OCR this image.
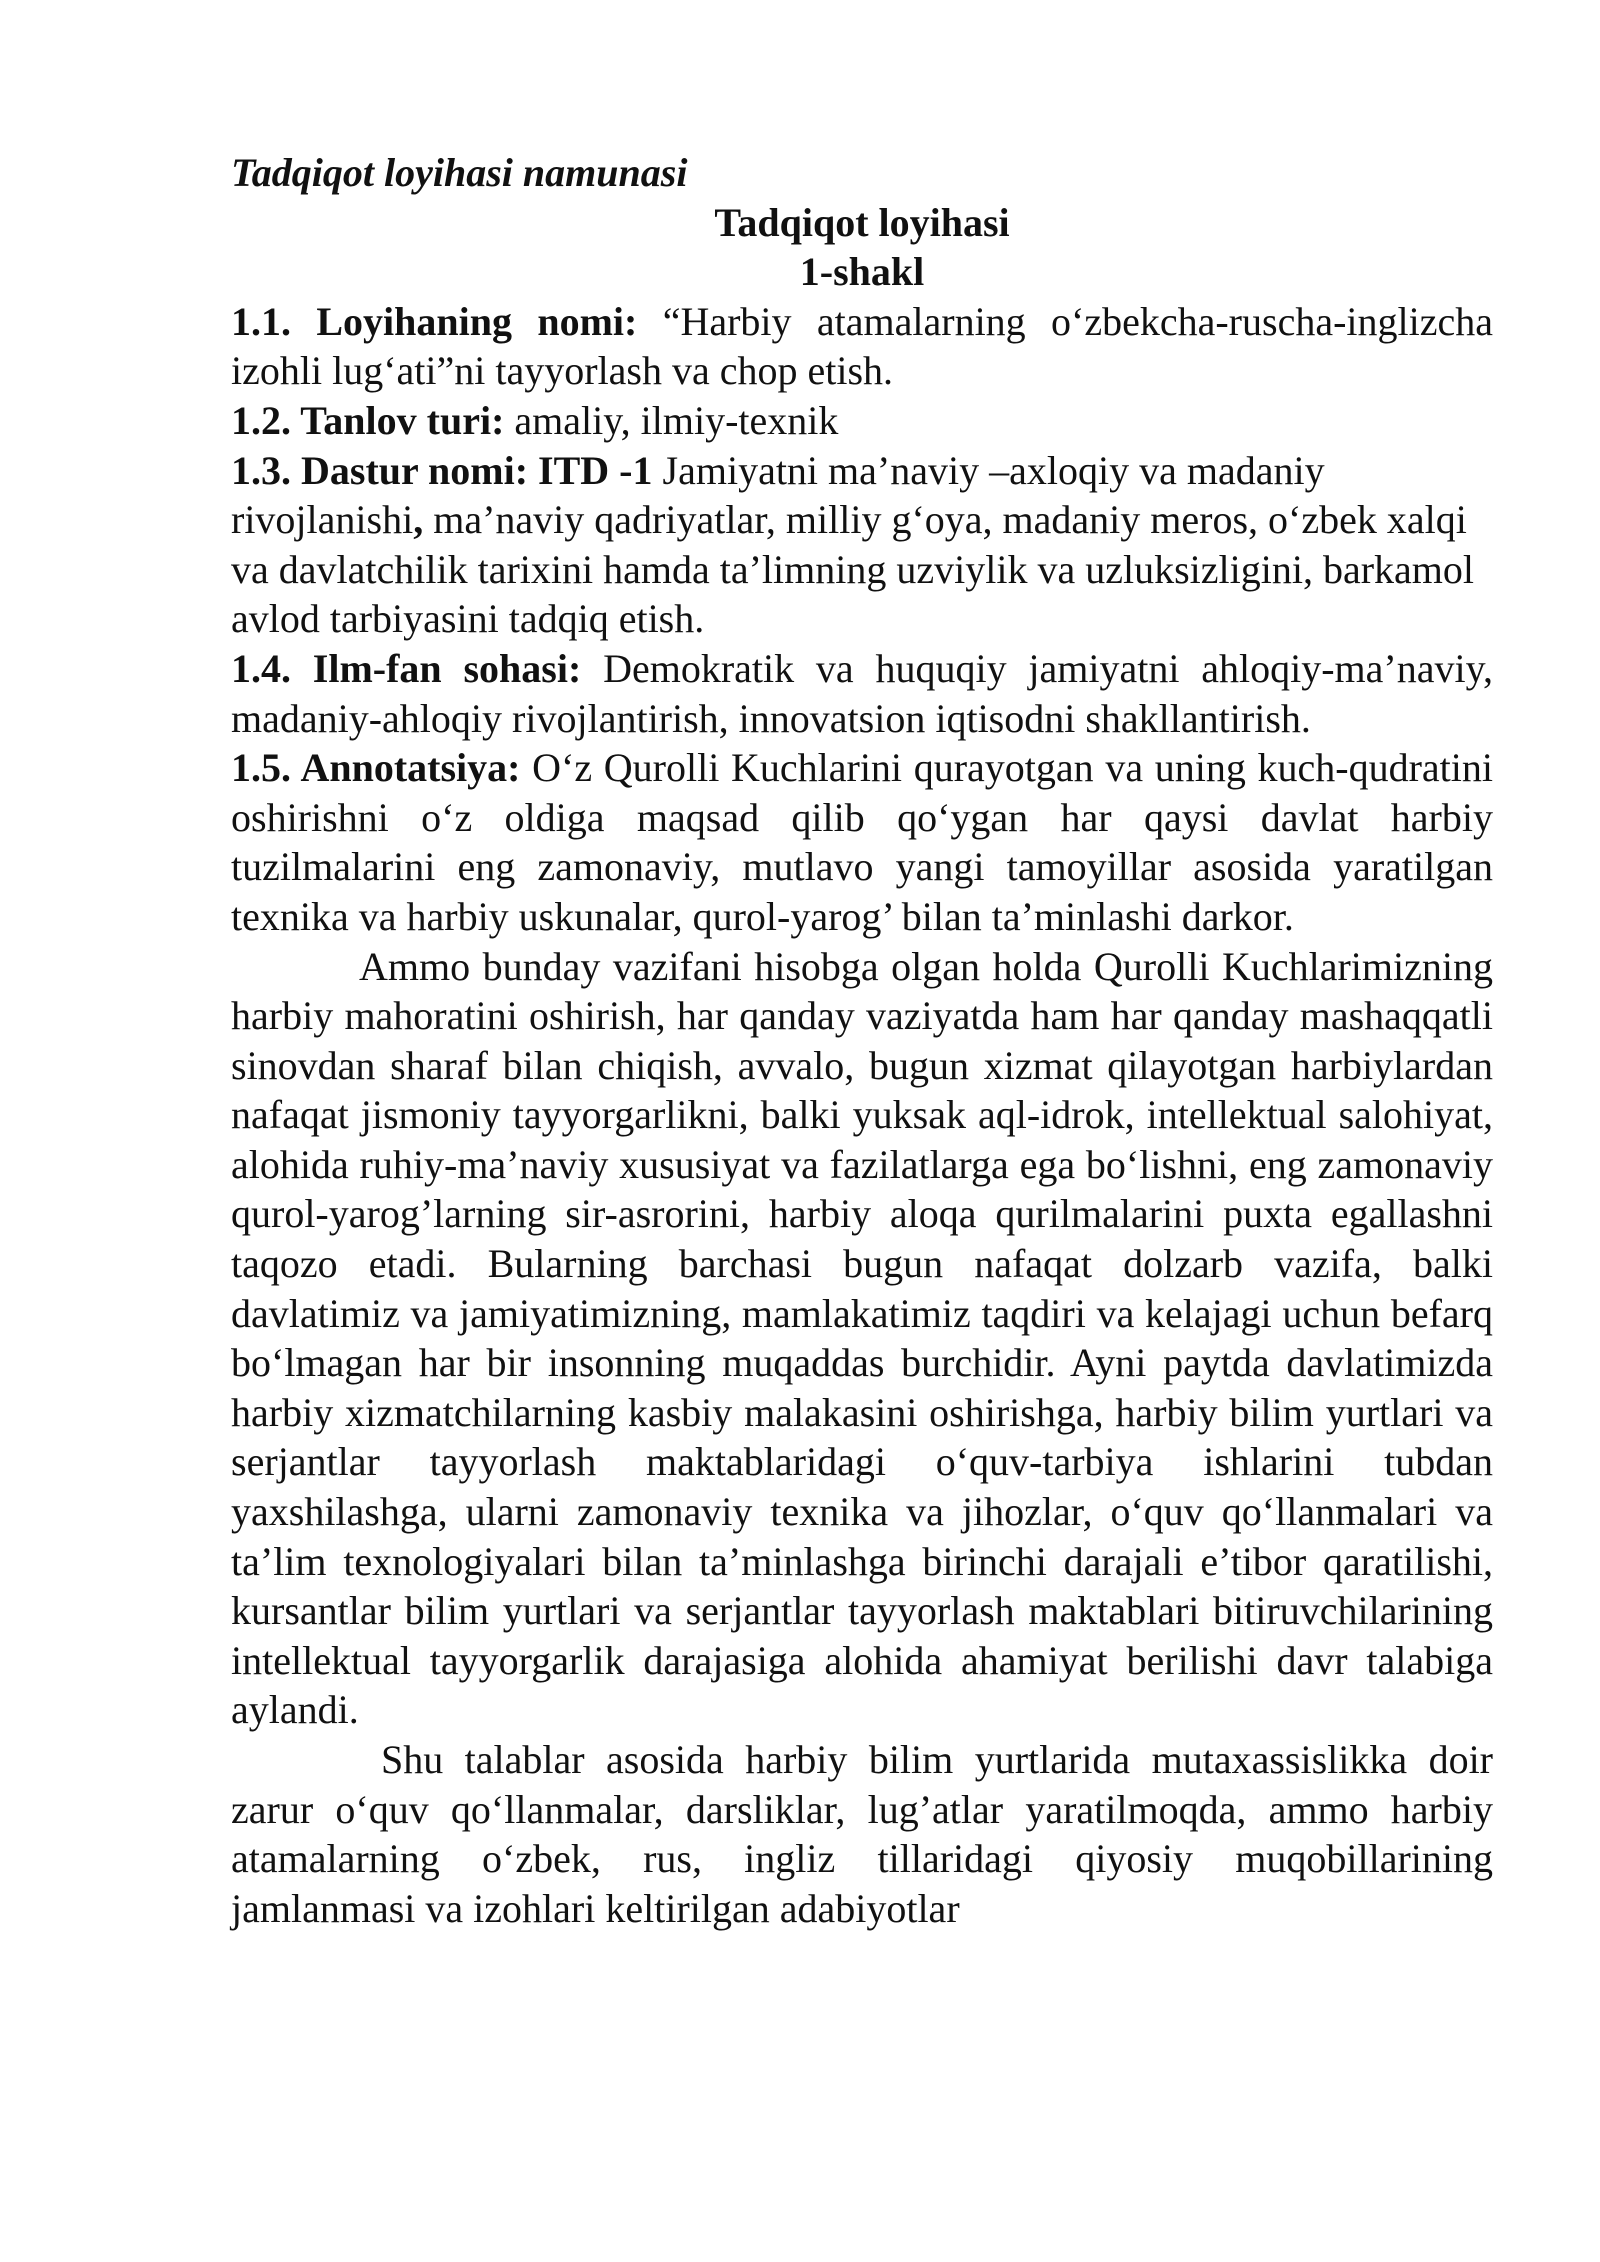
Tadqiqot loyihasi namunasi

Tadqiqot loyihasi

1-shakl

1.1. Loyihaning nomi: “Harbiy atamalarning o‘zbekcha-ruscha-inglizcha izohli lug‘ati”ni tayyorlash va chop etish.

1.2. Tanlov turi: amaliy, ilmiy-texnik

1.3. Dastur nomi: ITD -1 Jamiyatni ma’naviy –axloqiy va madaniy rivojlanishi, ma’naviy qadriyatlar, milliy g‘oya, madaniy meros, o‘zbek xalqi va davlatchilik tarixini hamda ta’limning uzviylik va uzluksizligini, barkamol avlod tarbiyasini tadqiq etish.

1.4. Ilm-fan sohasi: Demokratik va huquqiy jamiyatni ahloqiy-ma’naviy, madaniy-ahloqiy rivojlantirish, innovatsion iqtisodni shakllantirish.

1.5. Annotatsiya: O‘z Qurolli Kuchlarini qurayotgan va uning kuch-qudratini oshirishni o‘z oldiga maqsad qilib qo‘ygan har qaysi davlat harbiy tuzilmalarini eng zamonaviy, mutlavo yangi tamoyillar asosida yaratilgan texnika va harbiy uskunalar, qurol-yarog’ bilan ta’minlashi darkor.

Ammo bunday vazifani hisobga olgan holda Qurolli Kuchlarimizning harbiy mahoratini oshirish, har qanday vaziyatda ham har qanday mashaqqatli sinovdan sharaf bilan chiqish, avvalo, bugun xizmat qilayotgan harbiylardan nafaqat jismoniy tayyorgarlikni, balki yuksak aql-idrok, intellektual salohiyat, alohida ruhiy-ma’naviy xususiyat va fazilatlarga ega bo‘lishni, eng zamonaviy qurol-yarog’larning sir-asrorini, harbiy aloqa qurilmalarini puxta egallashni taqozo etadi. Bularning barchasi bugun nafaqat dolzarb vazifa, balki davlatimiz va jamiyatimizning, mamlakatimiz taqdiri va kelajagi uchun befarq bo‘lmagan har bir insonning muqaddas burchidir. Ayni paytda davlatimizda harbiy xizmatchilarning kasbiy malakasini oshirishga, harbiy bilim yurtlari va serjantlar tayyorlash maktablaridagi o‘quv-tarbiya ishlarini tubdan yaxshilashga, ularni zamonaviy texnika va jihozlar, o‘quv qo‘llanmalari va ta’lim texnologiyalari bilan ta’minlashga birinchi darajali e’tibor qaratilishi, kursantlar bilim yurtlari va serjantlar tayyorlash maktablari bitiruvchilarining intellektual tayyorgarlik darajasiga alohida ahamiyat berilishi davr talabiga aylandi.

Shu talablar asosida harbiy bilim yurtlarida mutaxassislikka doir zarur o‘quv qo‘llanmalar, darsliklar, lug’atlar yaratilmoqda, ammo harbiy atamalarning o‘zbek, rus, ingliz tillaridagi qiyosiy muqobillarining jamlanmasi va izohlari keltirilgan adabiyotlar
